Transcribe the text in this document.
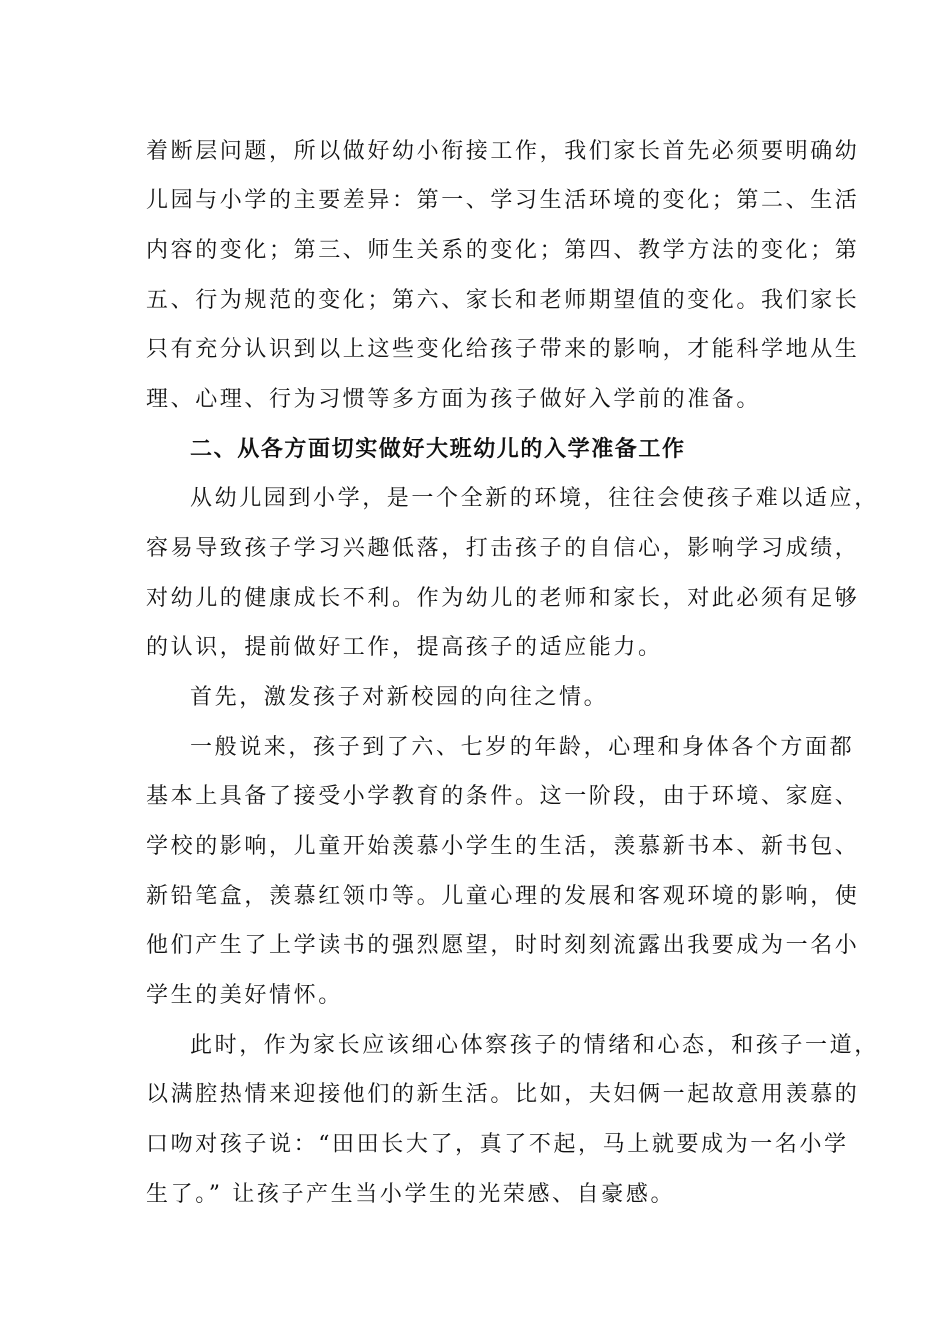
着断层问题，所以做好幼小衔接工作，我们家长首先必须要明确幼
儿园与小学的主要差异：第一、学习生活环境的变化；第二、生活
内容的变化；第三、师生关系的变化；第四、教学方法的变化；第
五、行为规范的变化；第六、家长和老师期望值的变化。我们家长
只有充分认识到以上这些变化给孩子带来的影响，才能科学地从生
理、心理、行为习惯等多方面为孩子做好入学前的准备。
二、从各方面切实做好大班幼儿的入学准备工作
从幼儿园到小学，是一个全新的环境，往往会使孩子难以适应，
容易导致孩子学习兴趣低落，打击孩子的自信心，影响学习成绩，
对幼儿的健康成长不利。作为幼儿的老师和家长，对此必须有足够
的认识，提前做好工作，提高孩子的适应能力。
首先，激发孩子对新校园的向往之情。
一般说来，孩子到了六、七岁的年龄，心理和身体各个方面都
基本上具备了接受小学教育的条件。这一阶段，由于环境、家庭、
学校的影响，儿童开始羡慕小学生的生活，羡慕新书本、新书包、
新铅笔盒，羡慕红领巾等。儿童心理的发展和客观环境的影响，使
他们产生了上学读书的强烈愿望，时时刻刻流露出我要成为一名小
学生的美好情怀。
此时，作为家长应该细心体察孩子的情绪和心态，和孩子一道，
以满腔热情来迎接他们的新生活。比如，夫妇俩一起故意用羡慕的
口吻对孩子说：“田田长大了，真了不起，马上就要成为一名小学
生了。” 让孩子产生当小学生的光荣感、自豪感。
